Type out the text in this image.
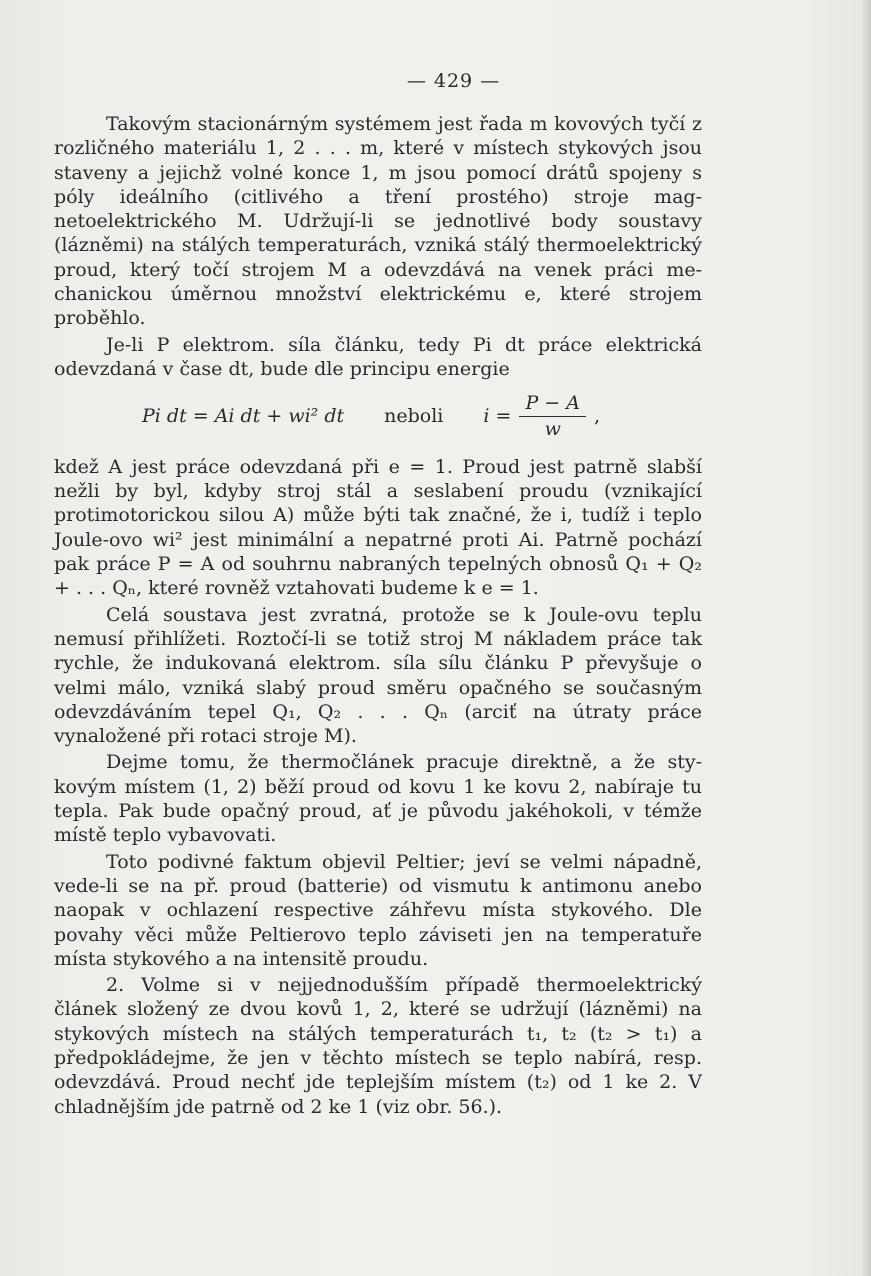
— 429 —

Takovým stacionárným systémem jest řada m kovových tyčí z rozličného materiálu 1, 2 . . . m, které v místech stykových jsou staveny a jejichž volné konce 1, m jsou pomocí drátů spojeny s póly ideálního (citlivého a tření prostého) stroje magnetoelektrického M. Udržují-li se jednotlivé body soustavy (lázněmi) na stálých temperaturách, vzniká stálý thermoelektrický proud, který točí strojem M a odevzdává na venek práci mechanickou úměrnou množství elektrickému e, které strojem proběhlo.

Je-li P elektrom. síla článku, tedy Pi dt práce elektrická odevzdaná v čase dt, bude dle principu energie

Pi dt = Ai dt + wi² dt neboli $i = \frac{P - A}{w}$ ,

kdež A jest práce odevzdaná při e = 1. Proud jest patrně slabší nežli by byl, kdyby stroj stál a seslabení proudu (vznikající protimotorickou silou A) může býti tak značné, že i, tudíž i teplo Joule-ovo wi² jest minimální a nepatrné proti Ai. Patrně pochází pak práce P = A od souhrnu nabraných tepelných obnosů Q₁ + Q₂ + . . . Qₙ, které rovněž vztahovati budeme k e = 1.

Celá soustava jest zvratná, protože se k Joule-ovu teplu nemusí přihlížeti. Roztočí-li se totiž stroj M nákladem práce tak rychle, že indukovaná elektrom. síla sílu článku P převyšuje o velmi málo, vzniká slabý proud směru opačného se současným odevzdáváním tepel Q₁, Q₂ . . . Qₙ (arciť na útraty práce vynaložené při rotaci stroje M).

Dejme tomu, že thermočlánek pracuje direktně, a že stykovým místem (1, 2) běží proud od kovu 1 ke kovu 2, nabíraje tu tepla. Pak bude opačný proud, ať je původu jakéhokoli, v témže místě teplo vybavovati.

Toto podivné faktum objevil Peltier; jeví se velmi nápadně, vede-li se na př. proud (batterie) od vismutu k antimonu anebo naopak v ochlazení respective záhřevu místa stykového. Dle povahy věci může Peltierovo teplo záviseti jen na temperatuře místa stykového a na intensitě proudu.

2. Volme si v nejjednodušším případě thermoelektrický článek složený ze dvou kovů 1, 2, které se udržují (lázněmi) na stykových místech na stálých temperaturách t₁, t₂ (t₂ > t₁) a předpokládejme, že jen v těchto místech se teplo nabírá, resp. odevzdává. Proud nechť jde teplejším místem (t₂) od 1 ke 2. V chladnějším jde patrně od 2 ke 1 (viz obr. 56.).
